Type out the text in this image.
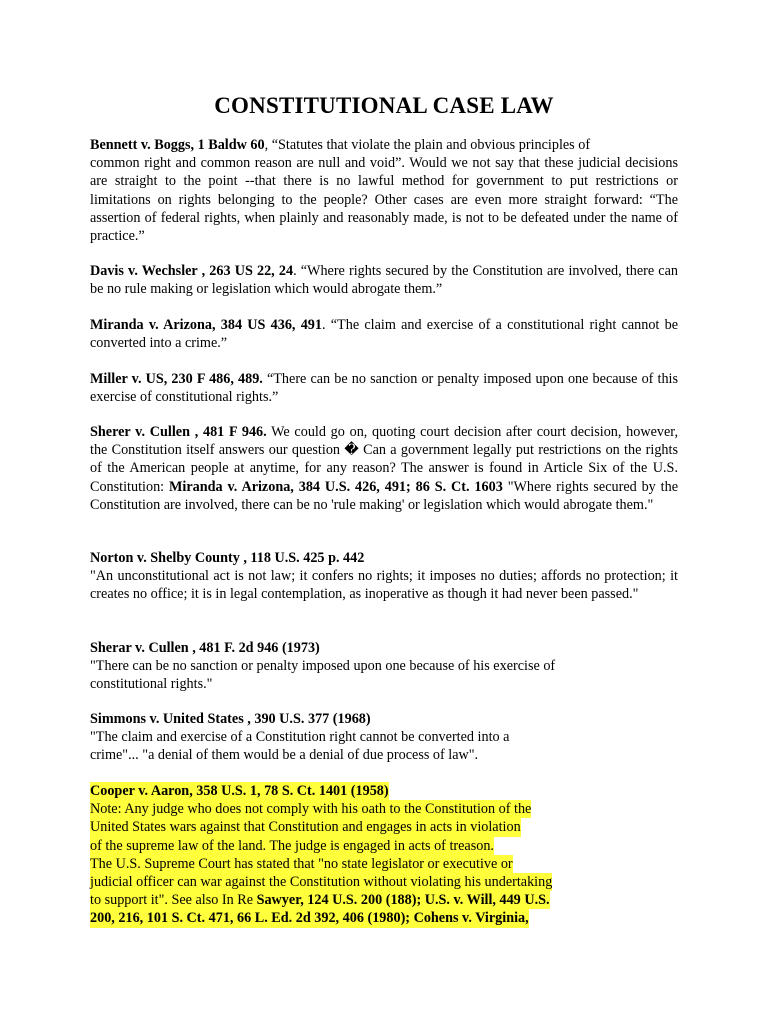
CONSTITUTIONAL CASE LAW

Bennett v. Boggs, 1 Baldw 60, “Statutes that violate the plain and obvious principles of
common right and common reason are null and void”. Would we not say that these judicial decisions are straight to the point --that there is no lawful method for government to put restrictions or limitations on rights belonging to the people? Other cases are even more straight forward: “The assertion of federal rights, when plainly and reasonably made, is not to be defeated under the name of practice.”

Davis v. Wechsler , 263 US 22, 24. “Where rights secured by the Constitution are involved, there can be no rule making or legislation which would abrogate them.”

Miranda v. Arizona, 384 US 436, 491. “The claim and exercise of a constitutional right cannot be converted into a crime.”

Miller v. US, 230 F 486, 489. “There can be no sanction or penalty imposed upon one because of this exercise of constitutional rights.”

Sherer v. Cullen , 481 F 946. We could go on, quoting court decision after court decision, however, the Constitution itself answers our question � Can a government legally put restrictions on the rights of the American people at anytime, for any reason? The answer is found in Article Six of the U.S. Constitution: Miranda v. Arizona, 384 U.S. 426, 491; 86 S. Ct. 1603 "Where rights secured by the Constitution are involved, there can be no 'rule making' or legislation which would abrogate them."

Norton v. Shelby County , 118 U.S. 425 p. 442
"An unconstitutional act is not law; it confers no rights; it imposes no duties; affords no protection; it creates no office; it is in legal contemplation, as inoperative as though it had never been passed."

Sherar v. Cullen , 481 F. 2d 946 (1973)
"There can be no sanction or penalty imposed upon one because of his exercise of
constitutional rights."

Simmons v. United States , 390 U.S. 377 (1968)
"The claim and exercise of a Constitution right cannot be converted into a
crime"... "a denial of them would be a denial of due process of law".

Cooper v. Aaron, 358 U.S. 1, 78 S. Ct. 1401 (1958)
Note: Any judge who does not comply with his oath to the Constitution of the
United States wars against that Constitution and engages in acts in violation
of the supreme law of the land. The judge is engaged in acts of treason.
The U.S. Supreme Court has stated that "no state legislator or executive or
judicial officer can war against the Constitution without violating his undertaking
to support it". See also In Re Sawyer, 124 U.S. 200 (188); U.S. v. Will, 449 U.S.
200, 216, 101 S. Ct. 471, 66 L. Ed. 2d 392, 406 (1980); Cohens v. Virginia,
